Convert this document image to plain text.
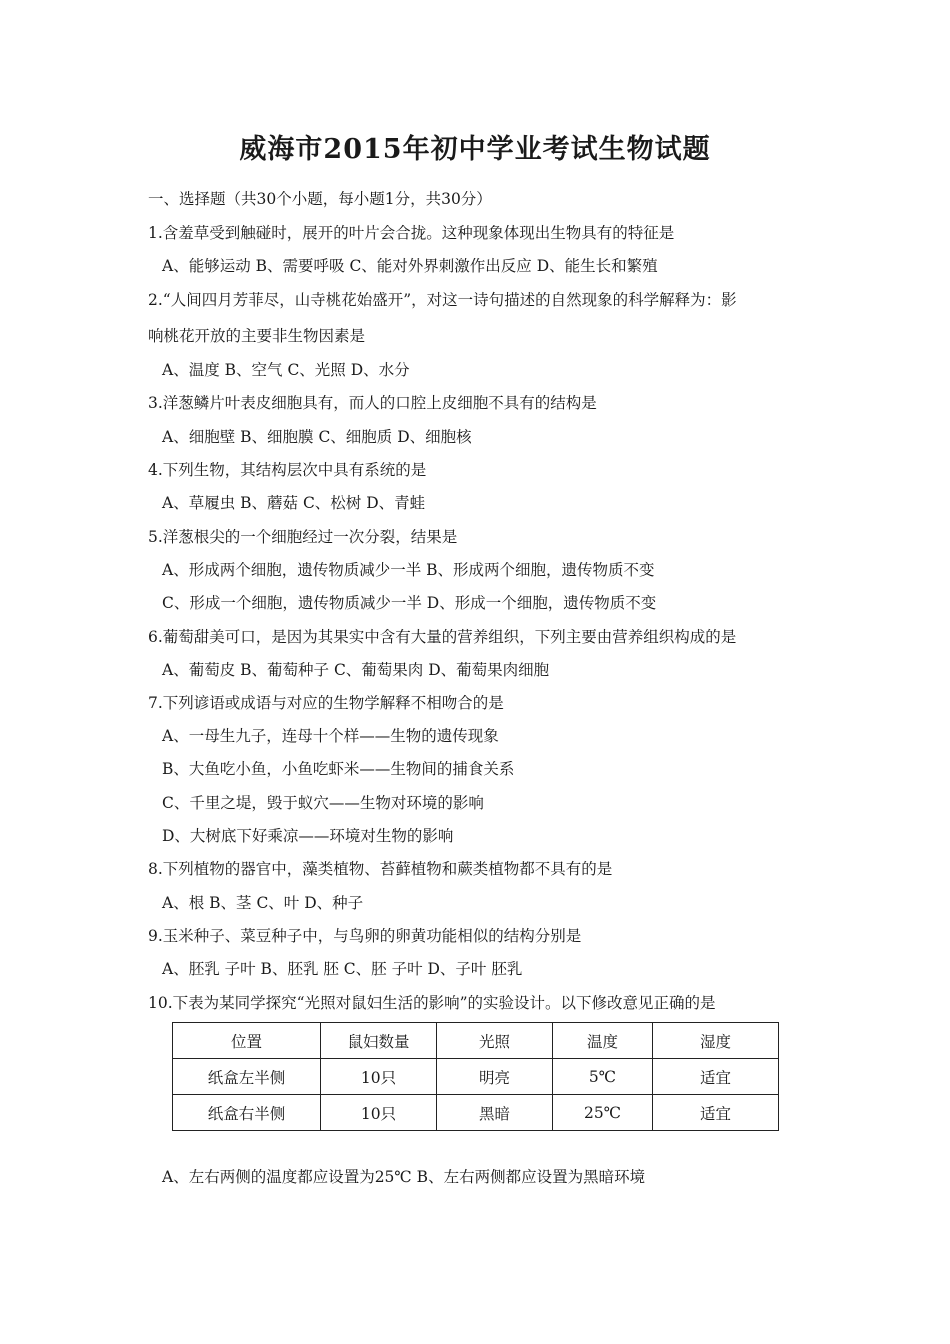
威海市2015年初中学业考试生物试题

一、选择题（共30个小题，每小题1分，共30分）

1.含羞草受到触碰时，展开的叶片会合拢。这种现象体现出生物具有的特征是

A、能够运动 B、需要呼吸 C、能对外界刺激作出反应 D、能生长和繁殖

2.“人间四月芳菲尽，山寺桃花始盛开”，对这一诗句描述的自然现象的科学解释为：影

响桃花开放的主要非生物因素是

A、温度 B、空气 C、光照 D、水分

3.洋葱鳞片叶表皮细胞具有，而人的口腔上皮细胞不具有的结构是

A、细胞壁 B、细胞膜 C、细胞质 D、细胞核

4.下列生物，其结构层次中具有系统的是

A、草履虫 B、蘑菇 C、松树 D、青蛙

5.洋葱根尖的一个细胞经过一次分裂，结果是

A、形成两个细胞，遗传物质减少一半 B、形成两个细胞，遗传物质不变

C、形成一个细胞，遗传物质减少一半 D、形成一个细胞，遗传物质不变

6.葡萄甜美可口，是因为其果实中含有大量的营养组织，下列主要由营养组织构成的是

A、葡萄皮 B、葡萄种子 C、葡萄果肉 D、葡萄果肉细胞

7.下列谚语或成语与对应的生物学解释不相吻合的是

A、一母生九子，连母十个样——生物的遗传现象

B、大鱼吃小鱼，小鱼吃虾米——生物间的捕食关系

C、千里之堤，毁于蚁穴——生物对环境的影响

D、大树底下好乘凉——环境对生物的影响

8.下列植物的器官中，藻类植物、苔藓植物和蕨类植物都不具有的是

A、根 B、茎 C、叶 D、种子

9.玉米种子、菜豆种子中，与鸟卵的卵黄功能相似的结构分别是

A、胚乳 子叶 B、胚乳 胚 C、胚 子叶 D、子叶 胚乳

10.下表为某同学探究“光照对鼠妇生活的影响”的实验设计。以下修改意见正确的是

位置	鼠妇数量	光照	温度	湿度
纸盒左半侧	10只	明亮	5℃	适宜
纸盒右半侧	10只	黑暗	25℃	适宜

A、左右两侧的温度都应设置为25℃ B、左右两侧都应设置为黑暗环境
